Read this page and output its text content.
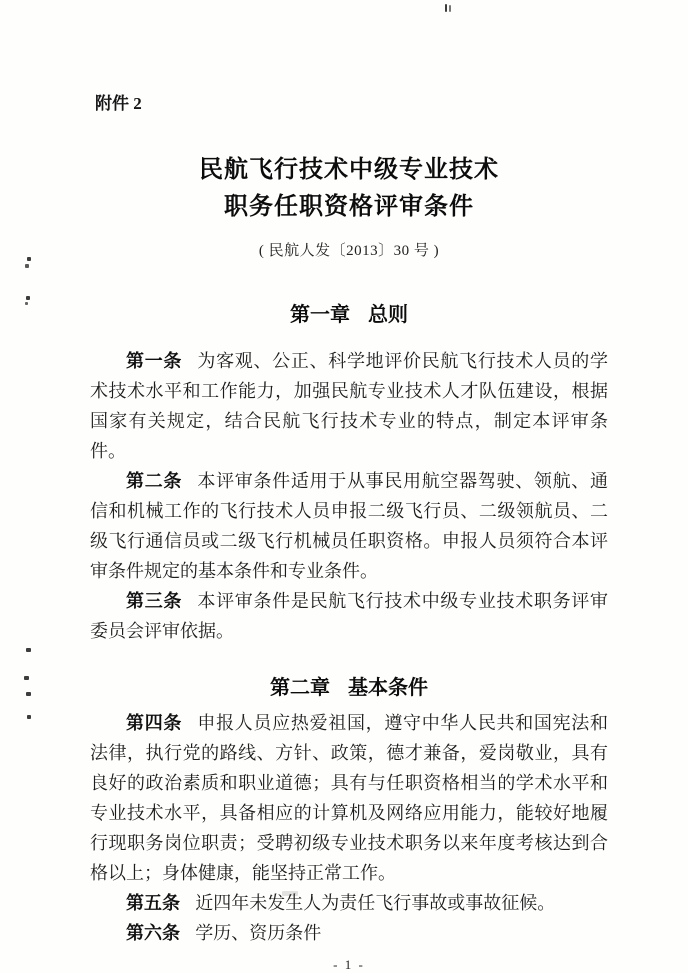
附件 2
民航飞行技术中级专业技术
职务任职资格评审条件
( 民航人发〔2013〕30 号 )
第一章 总则

第一条 为客观、公正、科学地评价民航飞行技术人员的学术技术水平和工作能力，加强民航专业技术人才队伍建设，根据国家有关规定，结合民航飞行技术专业的特点，制定本评审条件。

第二条 本评审条件适用于从事民用航空器驾驶、领航、通信和机械工作的飞行技术人员申报二级飞行员、二级领航员、二级飞行通信员或二级飞行机械员任职资格。申报人员须符合本评审条件规定的基本条件和专业条件。

第三条 本评审条件是民航飞行技术中级专业技术职务评审委员会评审依据。

第二章 基本条件

第四条 申报人员应热爱祖国，遵守中华人民共和国宪法和法律，执行党的路线、方针、政策，德才兼备，爱岗敬业，具有良好的政治素质和职业道德；具有与任职资格相当的学术水平和专业技术水平，具备相应的计算机及网络应用能力，能较好地履行现职务岗位职责；受聘初级专业技术职务以来年度考核达到合格以上；身体健康，能坚持正常工作。

第五条 近四年未发生人为责任飞行事故或事故征候。

第六条 学历、资历条件

- 1 -
